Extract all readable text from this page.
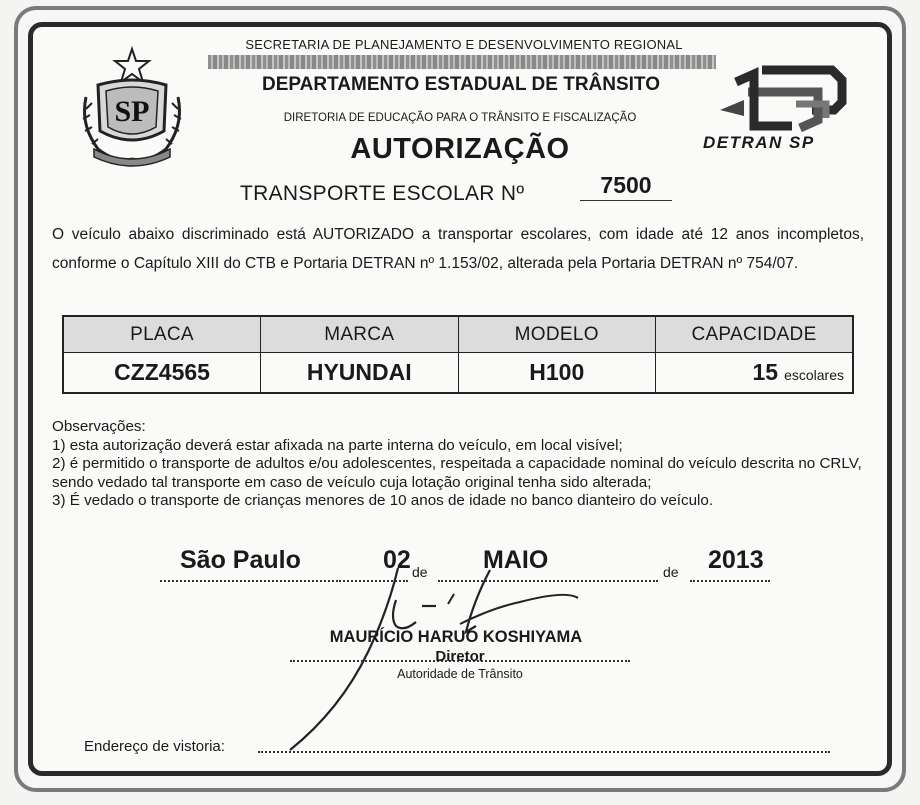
SP
SECRETARIA DE PLANEJAMENTO E DESENVOLVIMENTO REGIONAL
DEPARTAMENTO ESTADUAL DE TRÂNSITO
DIRETORIA DE EDUCAÇÃO PARA O TRÂNSITO E FISCALIZAÇÃO
AUTORIZAÇÃO	DETRAN SP
TRANSPORTE ESCOLAR Nº	7500
O veículo abaixo discriminado está AUTORIZADO a transportar escolares, com idade até 12 anos incompletos, conforme o Capítulo XIII do CTB e Portaria DETRAN nº 1.153/02, alterada pela Portaria DETRAN nº 754/07.
PLACA	MARCA	MODELO	CAPACIDADE
CZZ4565	HYUNDAI	H100	15 escolares
Observações:
1) esta autorização deverá estar afixada na parte interna do veículo, em local visível;
2) é permitido o transporte de adultos e/ou adolescentes, respeitada a capacidade nominal do veículo descrita no CRLV, sendo vedado tal transporte em caso de veículo cuja lotação original tenha sido alterada;
3) É vedado o transporte de crianças menores de 10 anos de idade no banco dianteiro do veículo.
São Paulo	02 de MAIO	de 2013
MAURÍCIO HARUO KOSHIYAMA
Diretor
Autoridade de Trânsito
Endereço de vistoria:
